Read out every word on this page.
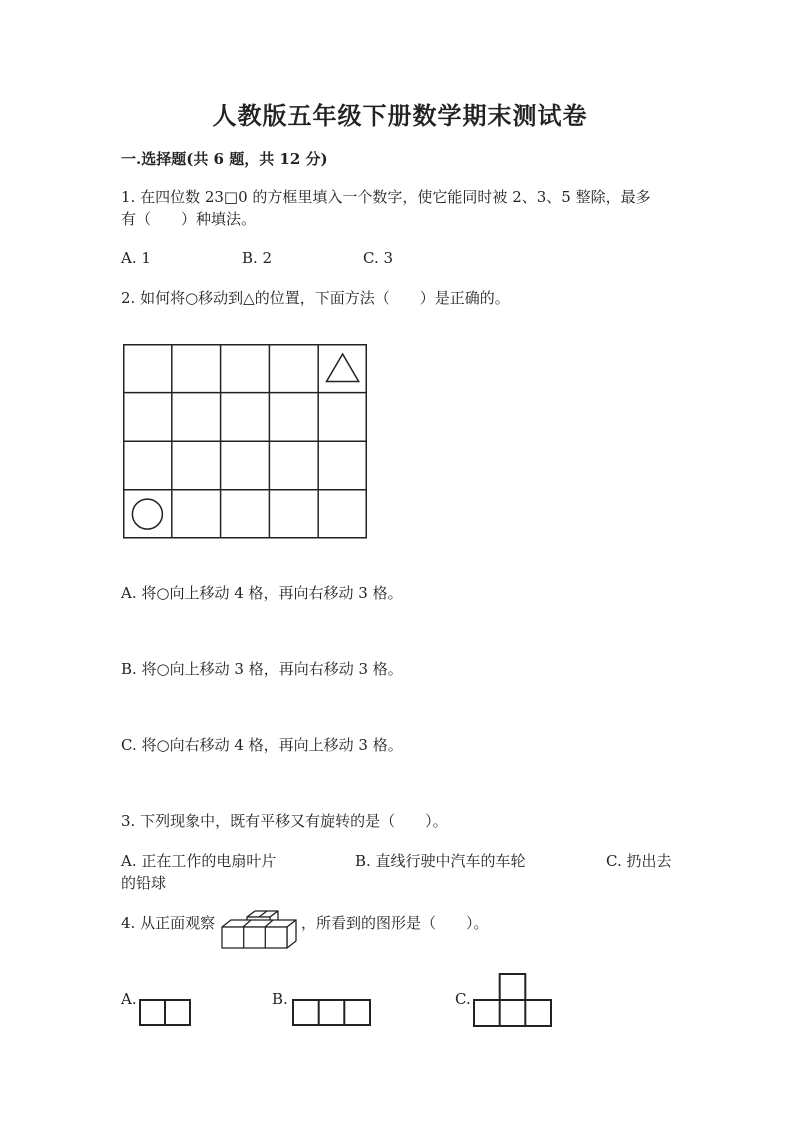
人教版五年级下册数学期末测试卷
一.选择题(共 6 题，共 12 分)
1. 在四位数 23□0 的方框里填入一个数字，使它能同时被 2、3、5 整除，最多
有（　　）种填法。
A. 1	B. 2	C. 3
2. 如何将○移动到△的位置，下面方法（　　）是正确的。
A. 将○向上移动 4 格，再向右移动 3 格。
B. 将○向上移动 3 格，再向右移动 3 格。
C. 将○向右移动 4 格，再向上移动 3 格。
3. 下列现象中，既有平移又有旋转的是（　　）。
A. 正在工作的电扇叶片	B. 直线行驶中汽车的车轮	C. 扔出去
的铅球
4. 从正面观察	，所看到的图形是（　　）。
A.	B.	C.
